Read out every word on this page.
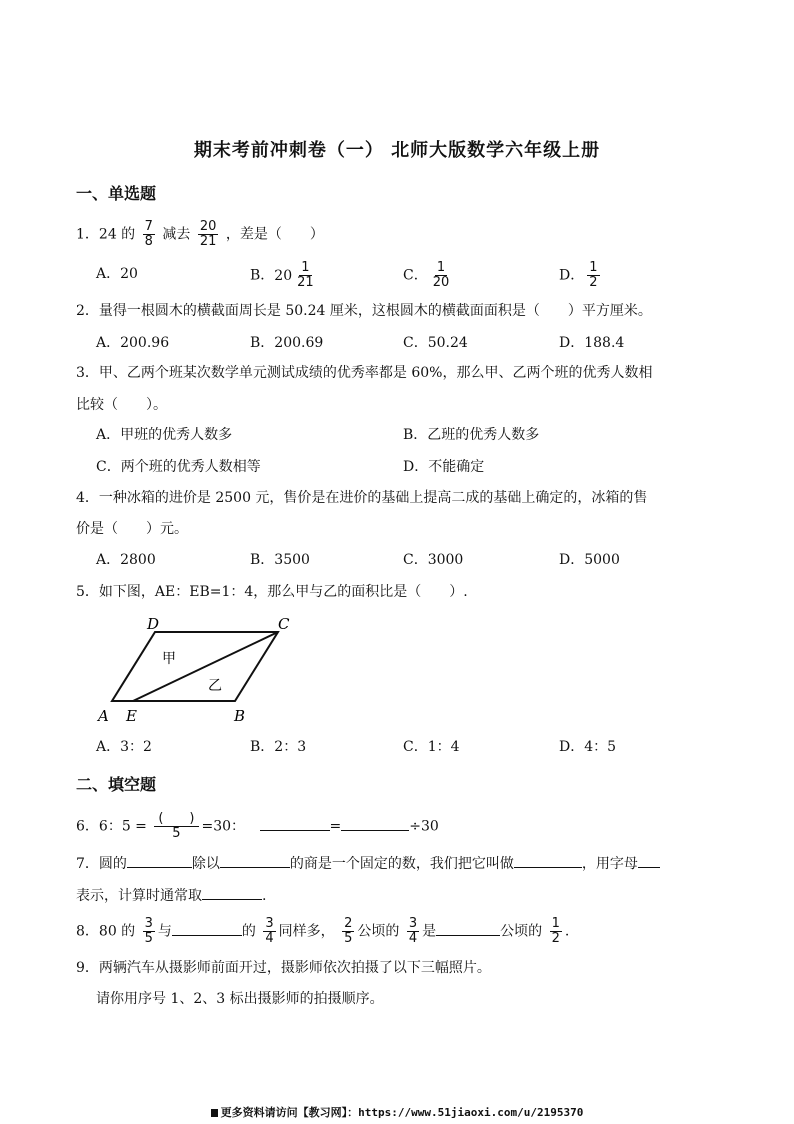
期末考前冲刺卷（一） 北师大版数学六年级上册
一、单选题
1．24 的 $\frac{7}{8}$ 减去 $\frac{20}{21}$ ，差是（　　）
A．20	B． $20 \frac{1}{21}$	C． $\frac{1}{20}$	D． $\frac{1}{2}$
2．量得一根圆木的横截面周长是 50.24 厘米，这根圆木的横截面面积是（　　）平方厘米。
A．200.96	B．200.69	C．50.24	D．188.4
3．甲、乙两个班某次数学单元测试成绩的优秀率都是 60%，那么甲、乙两个班的优秀人数相
比较（　　）。
A．甲班的优秀人数多	B．乙班的优秀人数多
C．两个班的优秀人数相等	D．不能确定
4．一种冰箱的进价是 2500 元，售价是在进价的基础上提高二成的基础上确定的，冰箱的售
价是（　　）元。
A．2800	B．3500	C．3000	D．5000
5．如下图，AE：EB=1：4，那么甲与乙的面积比是（　　）.
D	C
A E	B
甲
乙
A．3：2	B．2：3	C．1：4	D．4：5
二、填空题
6．6：$5 = \frac{( )}{5} =30$：	=	÷30
7．圆的	除以	的商是一个固定的数，我们把它叫做	，用字母
表示，计算时通常取	.
8．80 的 $\frac{3}{5}$ 与	的 $\frac{3}{4}$ 同样多， $\frac{2}{5}$ 公顷的 $\frac{3}{4}$ 是	公顷的 $\frac{1}{2}$ .
9．两辆汽车从摄影师前面开过，摄影师依次拍摄了以下三幅照片。
请你用序号 1、2、3 标出摄影师的拍摄顺序。
更多资料请访问【教习网】：https://www.51jiaoxi.com/u/2195370
